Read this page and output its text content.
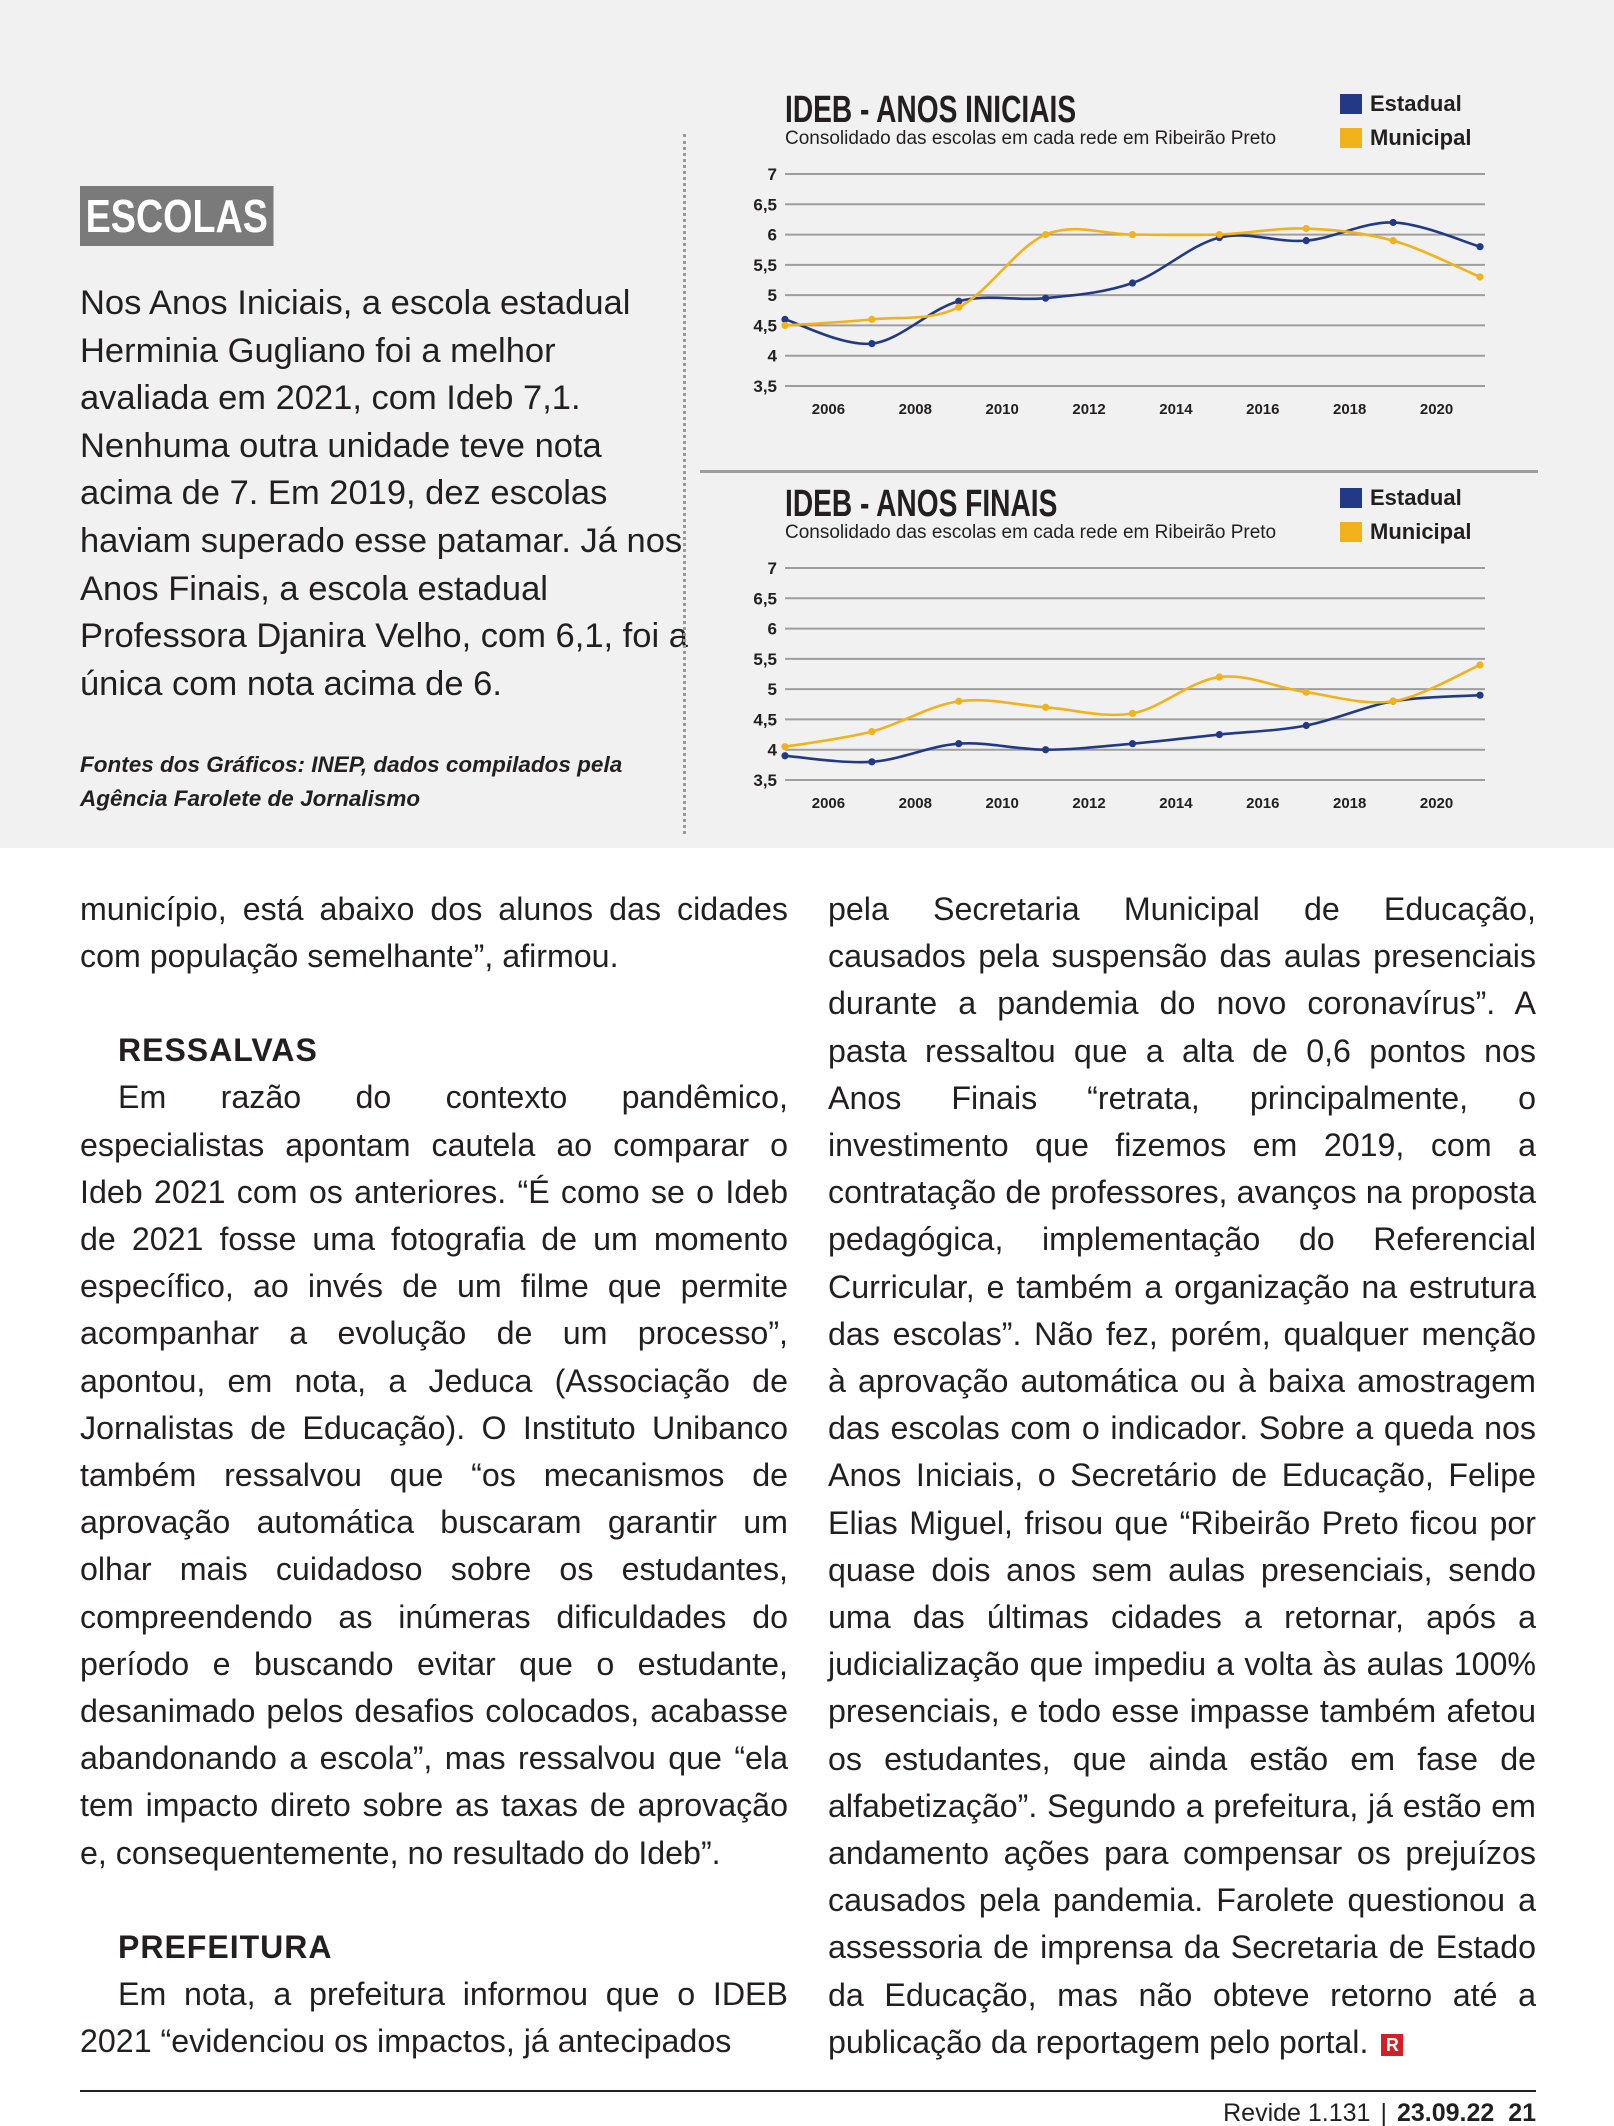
ESCOLAS
Nos Anos Iniciais, a escola estadual Herminia Gugliano foi a melhor avaliada em 2021, com Ideb 7,1. Nenhuma outra unidade teve nota acima de 7. Em 2019, dez escolas haviam superado esse patamar. Já nos Anos Finais, a escola estadual Professora Djanira Velho, com 6,1, foi a única com nota acima de 6.
Fontes dos Gráficos: INEP, dados compilados pela Agência Farolete de Jornalismo
IDEB - ANOS INICIAIS
Consolidado das escolas em cada rede em Ribeirão Preto
Estadual
Municipal
3,5
4
4,5
5
5,5
6
6,5
7
2006	2008	2010	2012	2014	2016	2018	2020
IDEB - ANOS FINAIS
Consolidado das escolas em cada rede em Ribeirão Preto
Estadual
Municipal
3,5
4
4,5
5
5,5
6
6,5
7
2006	2008	2010	2012	2014	2016	2018	2020

município, está abaixo dos alunos das cidades com população semelhante”, afirmou.

RESSALVAS

Em razão do contexto pandêmico, especialistas apontam cautela ao comparar o Ideb 2021 com os anteriores. “É como se o Ideb de 2021 fosse uma fotografia de um momento específico, ao invés de um filme que permite acompanhar a evolução de um processo”, apontou, em nota, a Jeduca (Associação de Jornalistas de Educação). O Instituto Unibanco também ressalvou que “os mecanismos de aprovação automática buscaram garantir um olhar mais cuidadoso sobre os estudantes, compreendendo as inúmeras dificuldades do período e buscando evitar que o estudante, desanimado pelos desafios colocados, acabasse abandonando a escola”, mas ressalvou que “ela tem impacto direto sobre as taxas de aprovação e, consequentemente, no resultado do Ideb”.

PREFEITURA

Em nota, a prefeitura informou que o IDEB 2021 “evidenciou os impactos, já antecipados

pela Secretaria Municipal de Educação, causados pela suspensão das aulas presenciais durante a pandemia do novo coronavírus”. A pasta ressaltou que a alta de 0,6 pontos nos Anos Finais “retrata, principalmente, o investimento que fizemos em 2019, com a contratação de professores, avanços na proposta pedagógica, implementação do Referencial Curricular, e também a organização na estrutura das escolas”. Não fez, porém, qualquer menção à aprovação automática ou à baixa amostragem das escolas com o indicador. Sobre a queda nos Anos Iniciais, o Secretário de Educação, Felipe Elias Miguel, frisou que “Ribeirão Preto ficou por quase dois anos sem aulas presenciais, sendo uma das últimas cidades a retornar, após a judicialização que impediu a volta às aulas 100% presenciais, e todo esse impasse também afetou os estudantes, que ainda estão em fase de alfabetização”. Segundo a prefeitura, já estão em andamento ações para compensar os prejuízos causados pela pandemia. Farolete questionou a assessoria de imprensa da Secretaria de Estado da Educação, mas não obteve retorno até a publicação da reportagem pelo portal. R

Revide 1.131 | 23.09.22 21
